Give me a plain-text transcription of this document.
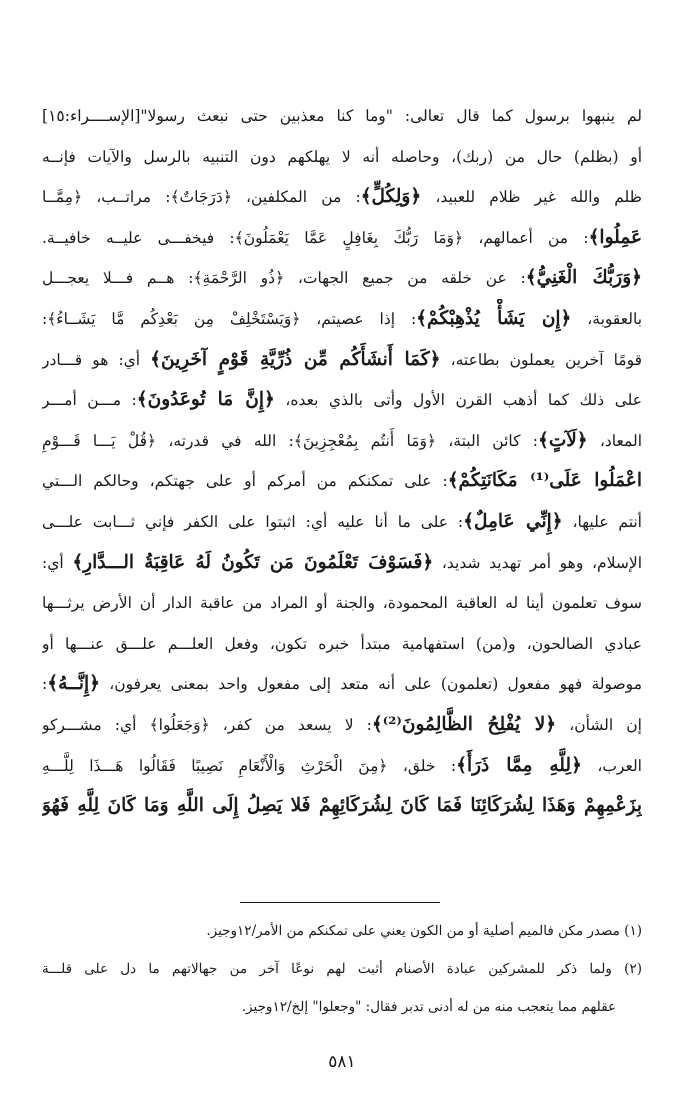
لم ينبهوا برسول كما قال تعالى: "وما كنا معذبين حتى نبعث رسولا"[الإســــراء:١٥]
أو (بظلم) حال من (ربك)، وحاصله أنه لا يهلكهم دون التنبيه بالرسل والآيات فإنــه
ظلم والله غير ظلام للعبيد، ﴿وَلِكُلٍّ﴾: من المكلفين، ﴿دَرَجَاتٌ﴾: مراتــب، ﴿مِمَّــا
عَمِلُوا﴾: من أعمالهم، ﴿وَمَا رَبُّكَ بِغَافِلٍ عَمَّا يَعْمَلُونَ﴾: فيخفـــى عليــه خافيــة.
﴿وَرَبُّكَ الْغَنِيُّ﴾: عن خلقه من جميع الجهات، ﴿ذُو الرَّحْمَةِ﴾: هــم فـــلا يعجـــل
بالعقوبة، ﴿إِن يَشَأْ يُذْهِبْكُمْ﴾: إذا عصيتم، ﴿وَيَسْتَخْلِفْ مِن بَعْدِكُم مَّا يَشَــاءُ﴾:
قومًا آخرين يعملون بطاعته، ﴿كَمَا أَنشَأَكُم مِّن ذُرِّيَّةِ قَوْمٍ آخَرِينَ﴾ أي: هو قـــادر
على ذلك كما أذهب القرن الأول وأتى بالذي بعده، ﴿إِنَّ مَا تُوعَدُونَ﴾: مـــن أمـــر
المعاد، ﴿لَآتٍ﴾: كائن البتة، ﴿وَمَا أَنتُم بِمُعْجِزِينَ﴾: الله في قدرته، ﴿قُلْ يَـــا قَـــوْمِ
اعْمَلُوا عَلَى⁽¹⁾ مَكَانَتِكُمْ﴾: على تمكنكم من أمركم أو على جهتكم، وحالكم الـــتي
أنتم عليها، ﴿إِنِّي عَامِلٌ﴾: على ما أنا عليه أي: اثبتوا على الكفر فإني ثـــابت علـــى
الإسلام، وهو أمر تهديد شديد، ﴿فَسَوْفَ تَعْلَمُونَ مَن تَكُونُ لَهُ عَاقِبَةُ الـــدَّارِ﴾ أي:
سوف تعلمون أينا له العاقبة المحمودة، والجنة أو المراد من عاقبة الدار أن الأرض يرثـــها
عبادي الصالحون، و(من) استفهامية مبتدأ خبره تكون، وفعل العلـــم علـــق عنـــها أو
موصولة فهو مفعول (تعلمون) على أنه متعد إلى مفعول واحد بمعنى يعرفون، ﴿إِنَّــهُ﴾:
إن الشأن، ﴿لا يُفْلِحُ الظَّالِمُونَ⁽²⁾﴾: لا يسعد من كفر، ﴿وَجَعَلُوا﴾ أي: مشـــركو
العرب، ﴿لِلَّهِ مِمَّا ذَرَأَ﴾: خلق، ﴿مِنَ الْحَرْثِ وَالْأَنْعَامِ نَصِيبًا فَقَالُوا هَـــذَا لِلَّـــهِ
بِزَعْمِهِمْ وَهَذَا لِشُرَكَائِنَا فَمَا كَانَ لِشُرَكَائِهِمْ فَلا يَصِلُ إِلَى اللَّهِ وَمَا كَانَ لِلَّهِ فَهُوَ
(١) مصدر مكن فالميم أصلية أو من الكون يعني على تمكنكم من الأمر/١٢وجيز.
(٢) ولما ذكر للمشركين عبادة الأصنام أثبت لهم نوعًا آخر من جهالاتهم ما دل على قلـــة
عقلهم مما يتعجب منه من له أدنى تدبر فقال: "وجعلوا" إلخ/١٢وجيز.
٥٨١
